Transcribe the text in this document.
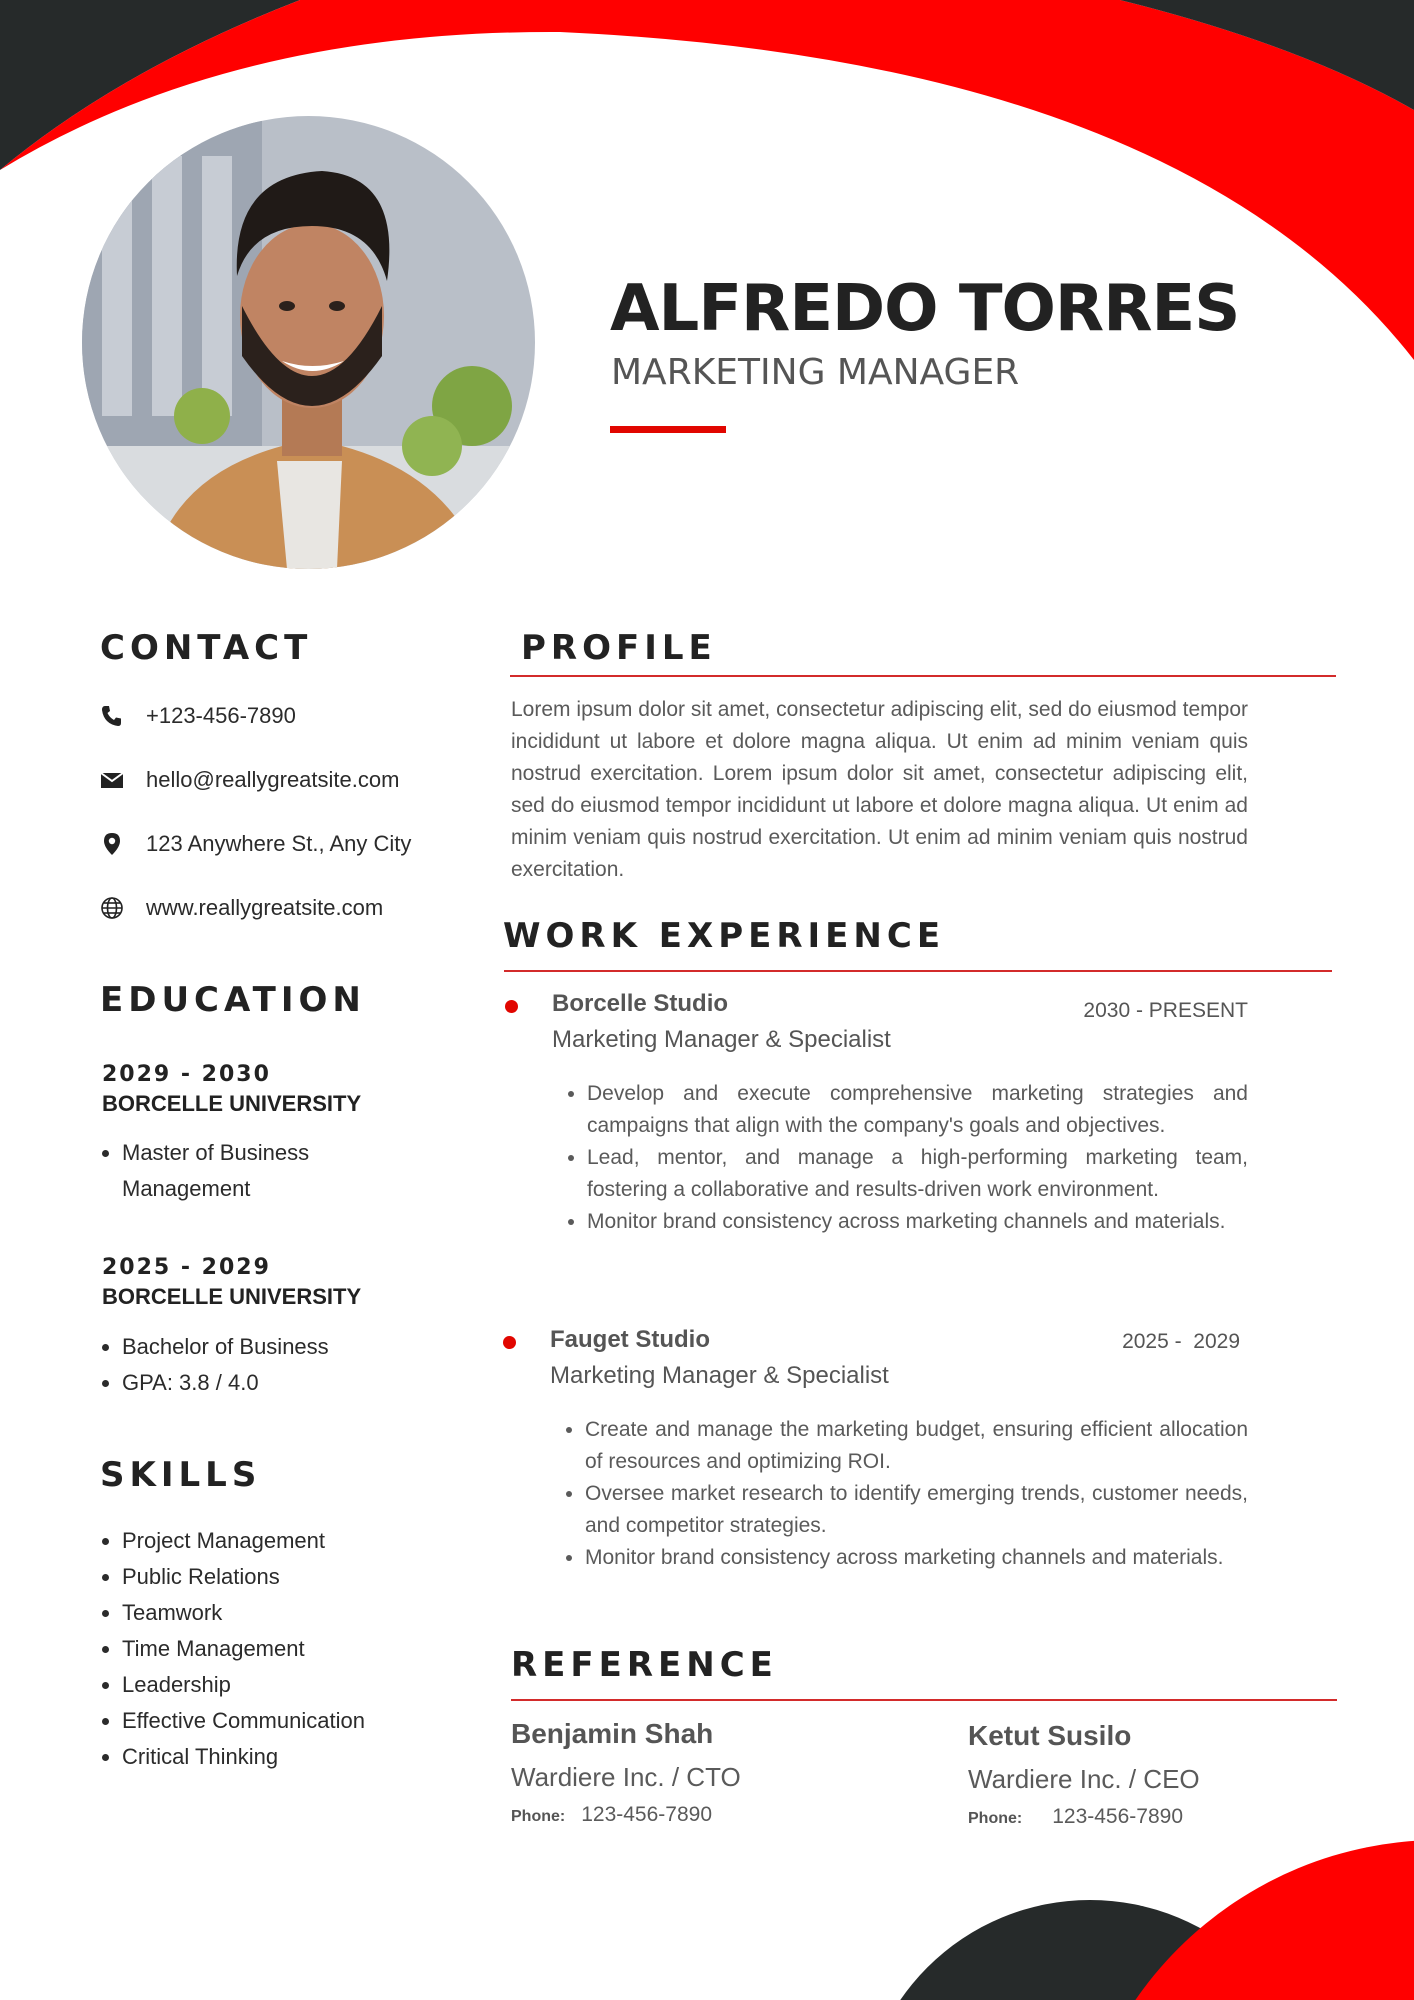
ALFREDO TORRES
MARKETING MANAGER
CONTACT
+123-456-7890
hello@reallygreatsite.com
123 Anywhere St., Any City
www.reallygreatsite.com
EDUCATION
2029 - 2030
BORCELLE UNIVERSITY
• Master of Business Management
2025 - 2029
BORCELLE UNIVERSITY
• Bachelor of Business
• GPA: 3.8 / 4.0
SKILLS
• Project Management
• Public Relations
• Teamwork
• Time Management
• Leadership
• Effective Communication
• Critical Thinking
PROFILE
Lorem ipsum dolor sit amet, consectetur adipiscing elit, sed do eiusmod tempor incididunt ut labore et dolore magna aliqua. Ut enim ad minim veniam quis nostrud exercitation. Lorem ipsum dolor sit amet, consectetur adipiscing elit, sed do eiusmod tempor incididunt ut labore et dolore magna aliqua. Ut enim ad minim veniam quis nostrud exercitation. Ut enim ad minim veniam quis nostrud exercitation.
WORK EXPERIENCE
Borcelle Studio	2030 - PRESENT
Marketing Manager & Specialist
• Develop and execute comprehensive marketing strategies and campaigns that align with the company's goals and objectives.
• Lead, mentor, and manage a high-performing marketing team, fostering a collaborative and results-driven work environment.
• Monitor brand consistency across marketing channels and materials.
Fauget Studio	2025 -  2029
Marketing Manager & Specialist
• Create and manage the marketing budget, ensuring efficient allocation of resources and optimizing ROI.
• Oversee market research to identify emerging trends, customer needs, and competitor strategies.
• Monitor brand consistency across marketing channels and materials.
REFERENCE
Benjamin Shah
Wardiere Inc. / CTO
Phone: 123-456-7890
Ketut Susilo
Wardiere Inc. / CEO
Phone: 123-456-7890
